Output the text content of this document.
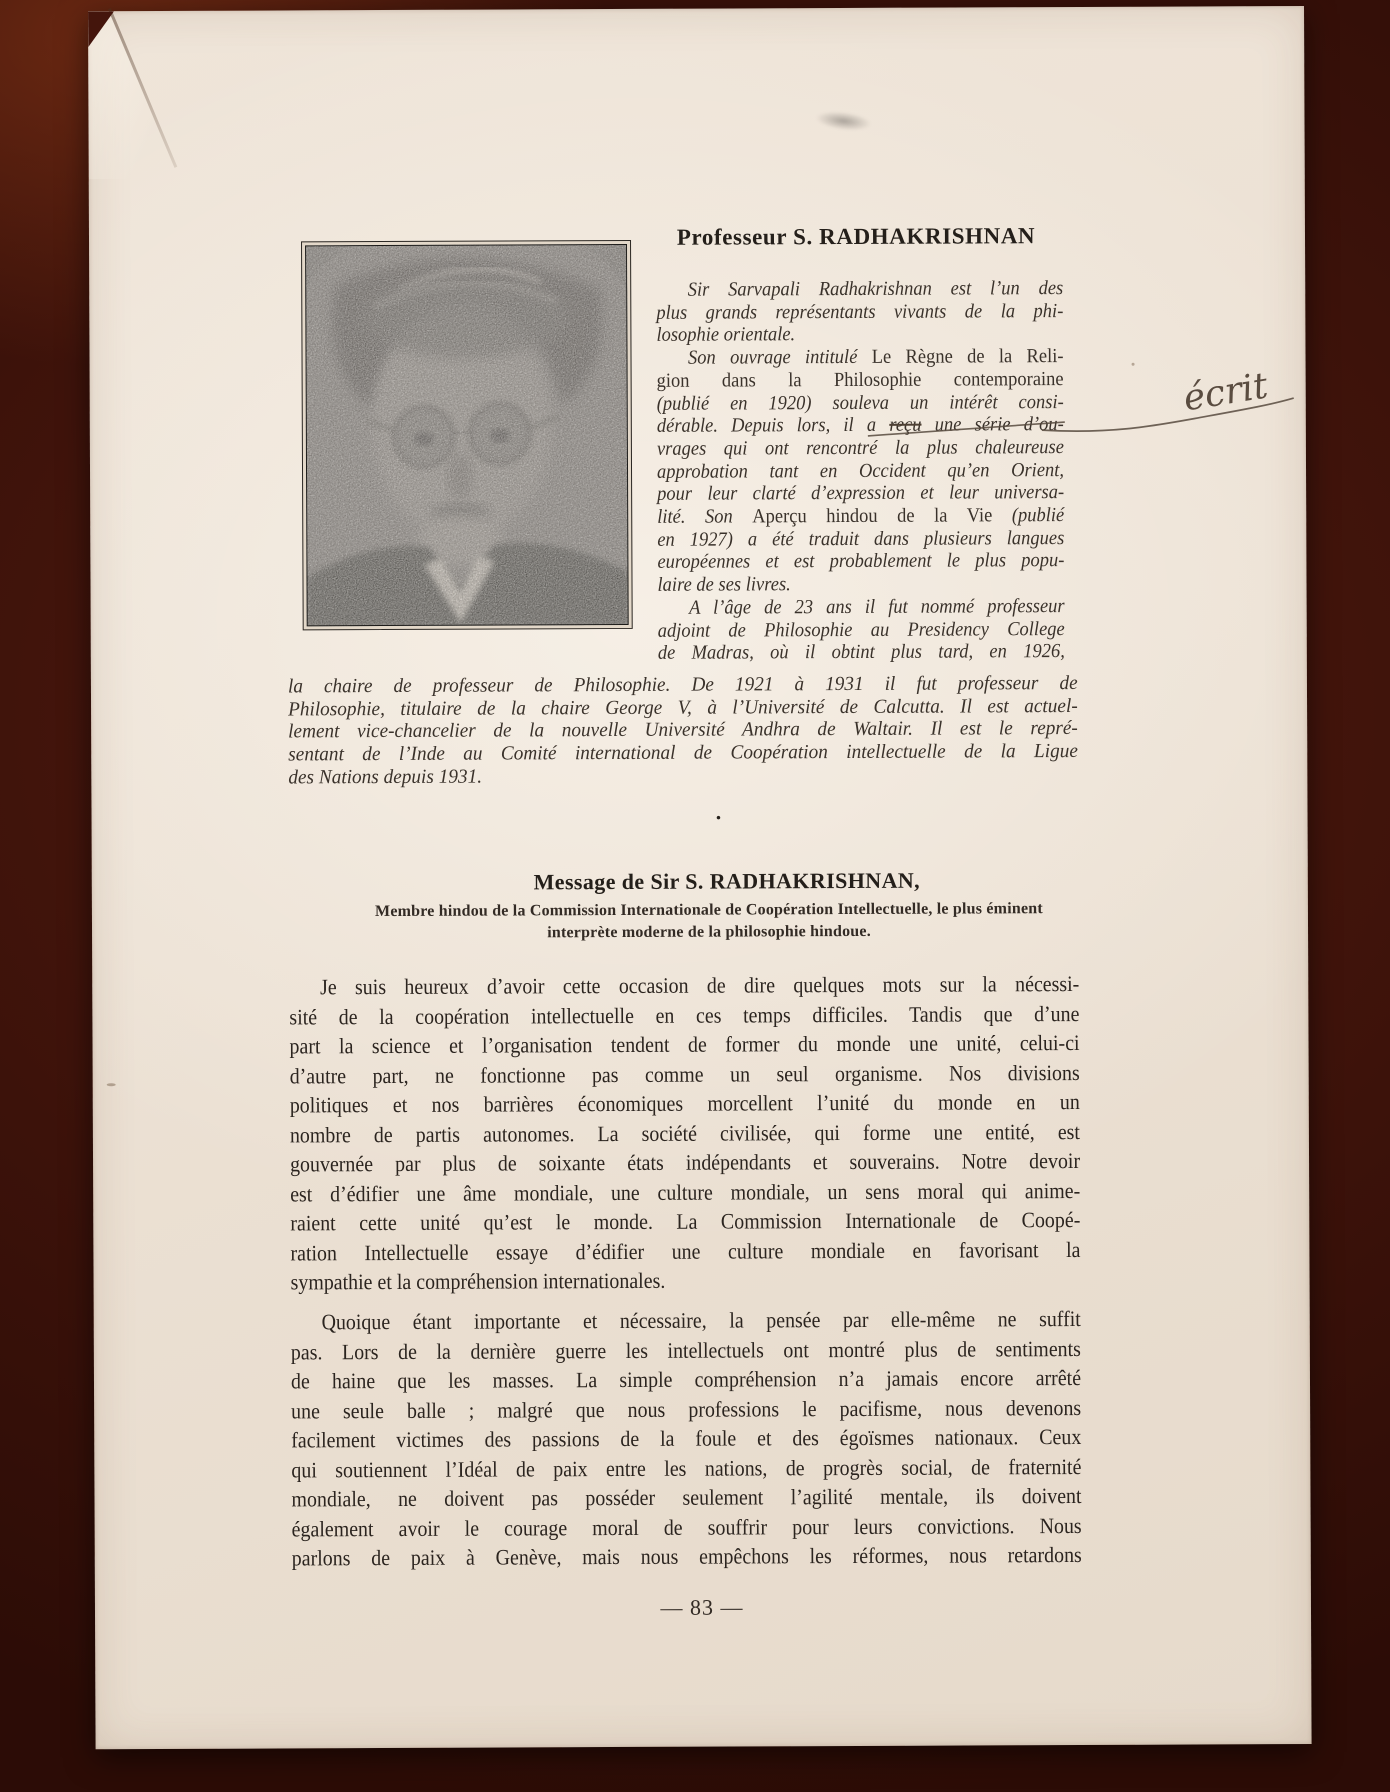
Professeur S. RADHAKRISHNAN
Sir Sarvapali Radhakrishnan est l’un des
plus grands représentants vivants de la phi-
losophie orientale.
Son ouvrage intitulé Le Règne de la Reli-
gion dans la Philosophie contemporaine
(publié en 1920) souleva un intérêt consi-
dérable. Depuis lors, il a reçu une série d’ou-
vrages qui ont rencontré la plus chaleureuse
approbation tant en Occident qu’en Orient,
pour leur clarté d’expression et leur universa-
lité. Son Aperçu hindou de la Vie (publié
en 1927) a été traduit dans plusieurs langues
européennes et est probablement le plus popu-
laire de ses livres.
A l’âge de 23 ans il fut nommé professeur
adjoint de Philosophie au Presidency College
de Madras, où il obtint plus tard, en 1926,
la chaire de professeur de Philosophie. De 1921 à 1931 il fut professeur de
Philosophie, titulaire de la chaire George V, à l’Université de Calcutta. Il est actuel-
lement vice-chancelier de la nouvelle Université Andhra de Waltair. Il est le repré-
sentant de l’Inde au Comité international de Coopération intellectuelle de la Ligue
des Nations depuis 1931.
•
Message de Sir S. RADHAKRISHNAN,
Membre hindou de la Commission Internationale de Coopération Intellectuelle, le plus éminent
interprète moderne de la philosophie hindoue.
Je suis heureux d’avoir cette occasion de dire quelques mots sur la nécessi-
sité de la coopération intellectuelle en ces temps difficiles. Tandis que d’une
part la science et l’organisation tendent de former du monde une unité, celui-ci
d’autre part, ne fonctionne pas comme un seul organisme. Nos divisions
politiques et nos barrières économiques morcellent l’unité du monde en un
nombre de partis autonomes. La société civilisée, qui forme une entité, est
gouvernée par plus de soixante états indépendants et souverains. Notre devoir
est d’édifier une âme mondiale, une culture mondiale, un sens moral qui anime-
raient cette unité qu’est le monde. La Commission Internationale de Coopé-
ration Intellectuelle essaye d’édifier une culture mondiale en favorisant la
sympathie et la compréhension internationales.
Quoique étant importante et nécessaire, la pensée par elle-même ne suffit
pas. Lors de la dernière guerre les intellectuels ont montré plus de sentiments
de haine que les masses. La simple compréhension n’a jamais encore arrêté
une seule balle ; malgré que nous professions le pacifisme, nous devenons
facilement victimes des passions de la foule et des égoïsmes nationaux. Ceux
qui soutiennent l’Idéal de paix entre les nations, de progrès social, de fraternité
mondiale, ne doivent pas posséder seulement l’agilité mentale, ils doivent
également avoir le courage moral de souffrir pour leurs convictions. Nous
parlons de paix à Genève, mais nous empêchons les réformes, nous retardons
— 83 —
écrit
